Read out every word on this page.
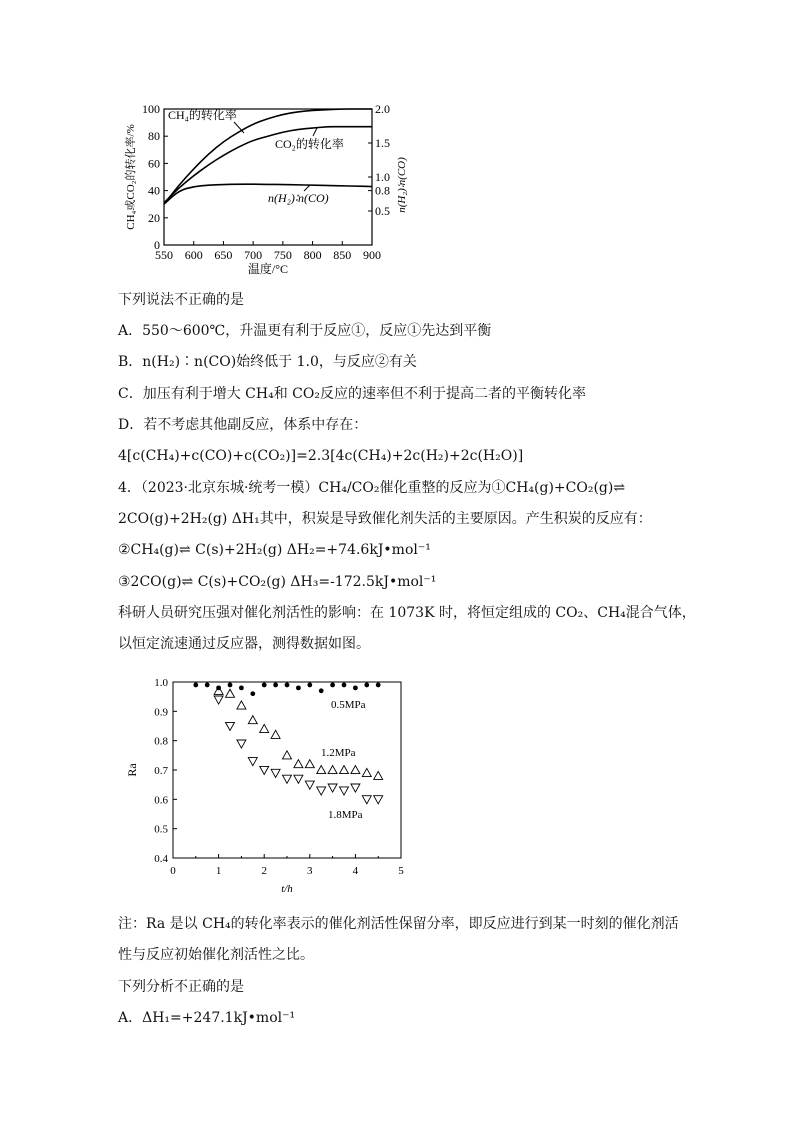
550 600 650 700 750 800 850 900
0
20
40
60
80
100
0.5
0.8
1.0
1.5
2.0
CH₄的转化率
CO₂的转化率
n(H₂)∶n(CO)
温度/°C
CH₄或CO₂的转化率/%	n(H₂)∶n(CO)
下列说法不正确的是
A．550～600℃，升温更有利于反应①，反应①先达到平衡
B．n(H₂)∶n(CO)始终低于 1.0，与反应②有关
C．加压有利于增大 CH₄和 CO₂反应的速率但不利于提高二者的平衡转化率
D．若不考虑其他副反应，体系中存在：
4[c(CH₄)+c(CO)+c(CO₂)]=2.3[4c(CH₄)+2c(H₂)+2c(H₂O)]
4．（2023·北京东城·统考一模）CH₄/CO₂催化重整的反应为①CH₄(g)+CO₂(g)⇌
2CO(g)+2H₂(g) ΔH₁其中，积炭是导致催化剂失活的主要原因。产生积炭的反应有：
②CH₄(g)⇌ C(s)+2H₂(g) ΔH₂=+74.6kJ•mol⁻¹
③2CO(g)⇌ C(s)+CO₂(g) ΔH₃=-172.5kJ•mol⁻¹
科研人员研究压强对催化剂活性的影响：在 1073K 时，将恒定组成的 CO₂、CH₄混合气体，
以恒定流速通过反应器，测得数据如图。
0	1	2	3	4	5
0.4
0.5
0.6
0.7
0.8
0.9
1.0
0.5MPa
1.2MPa
1.8MPa
t/h
Ra
注：Ra 是以 CH₄的转化率表示的催化剂活性保留分率，即反应进行到某一时刻的催化剂活
性与反应初始催化剂活性之比。
下列分析不正确的是
A．ΔH₁=+247.1kJ•mol⁻¹
